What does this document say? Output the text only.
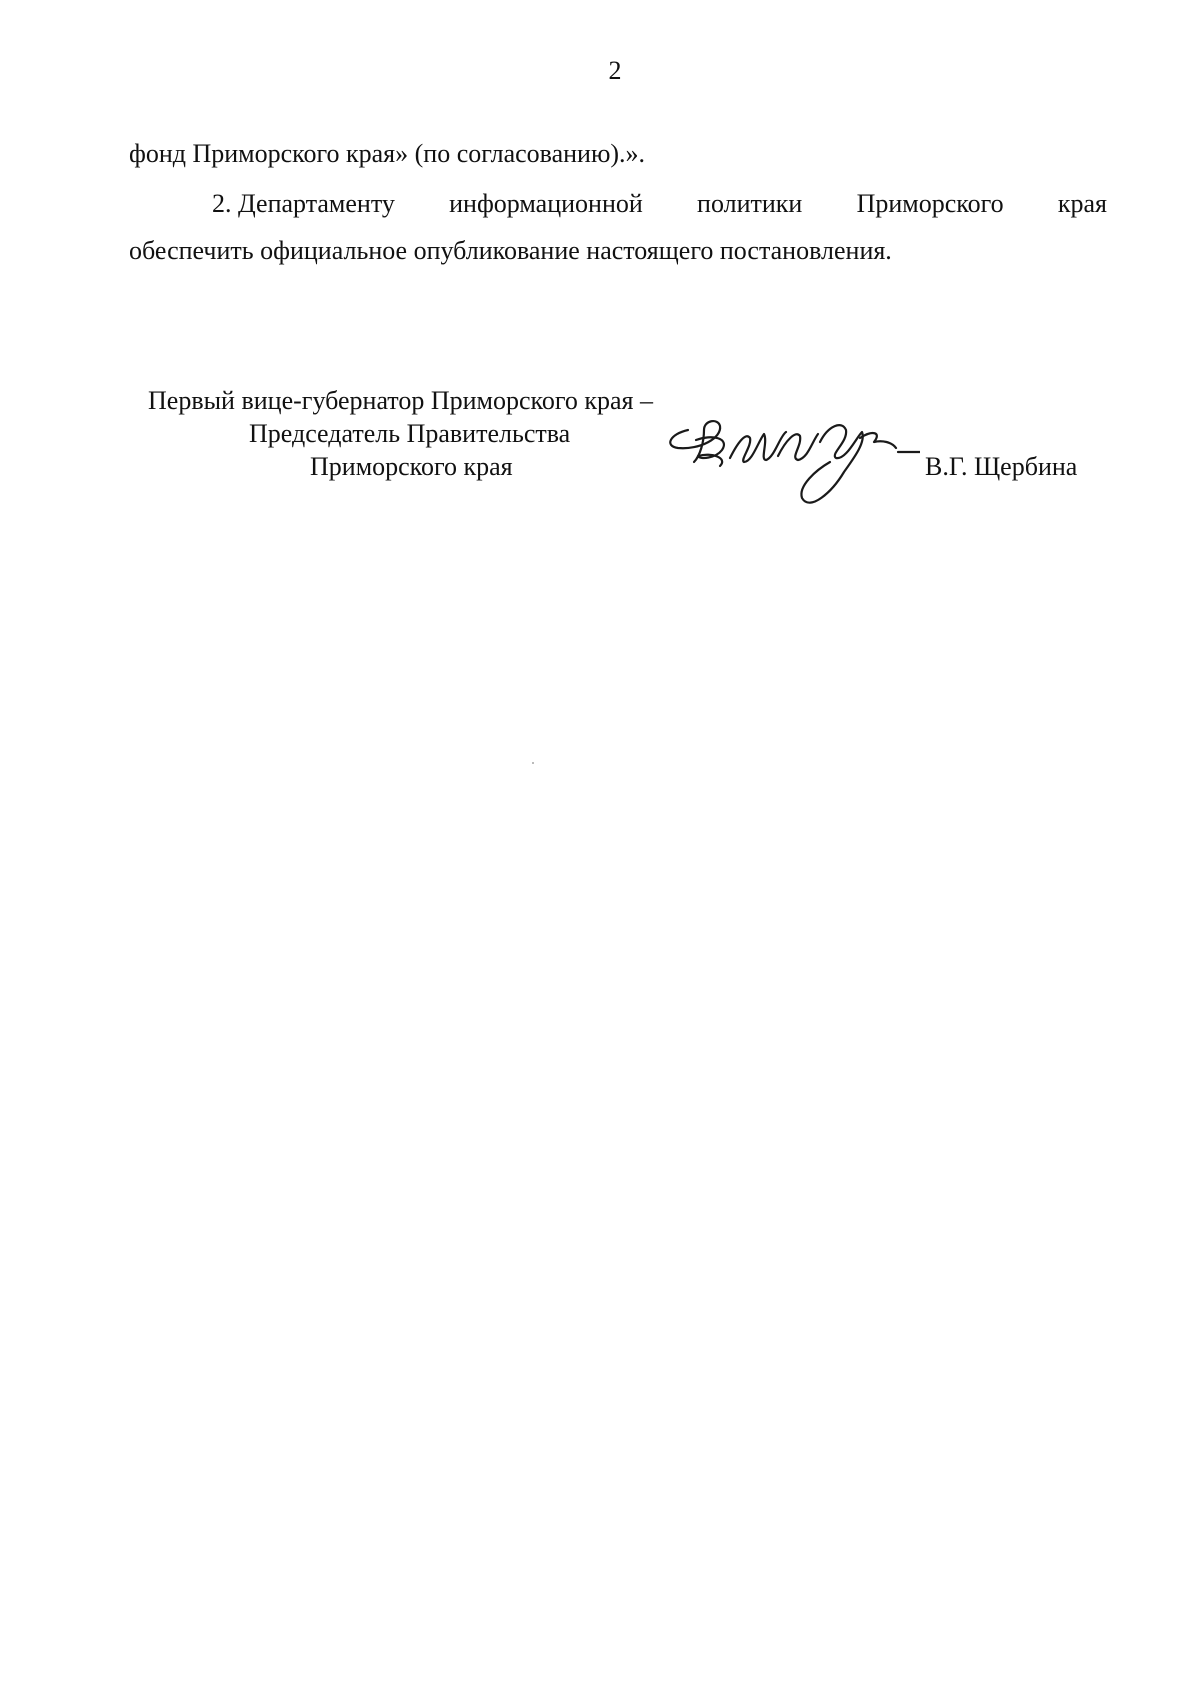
2
фонд Приморского края» (по согласованию).».
2. Департаменту информационной политики Приморского края
обеспечить официальное опубликование настоящего постановления.
Первый вице-губернатор Приморского края –
Председатель Правительства
Приморского края	В.Г. Щербина
